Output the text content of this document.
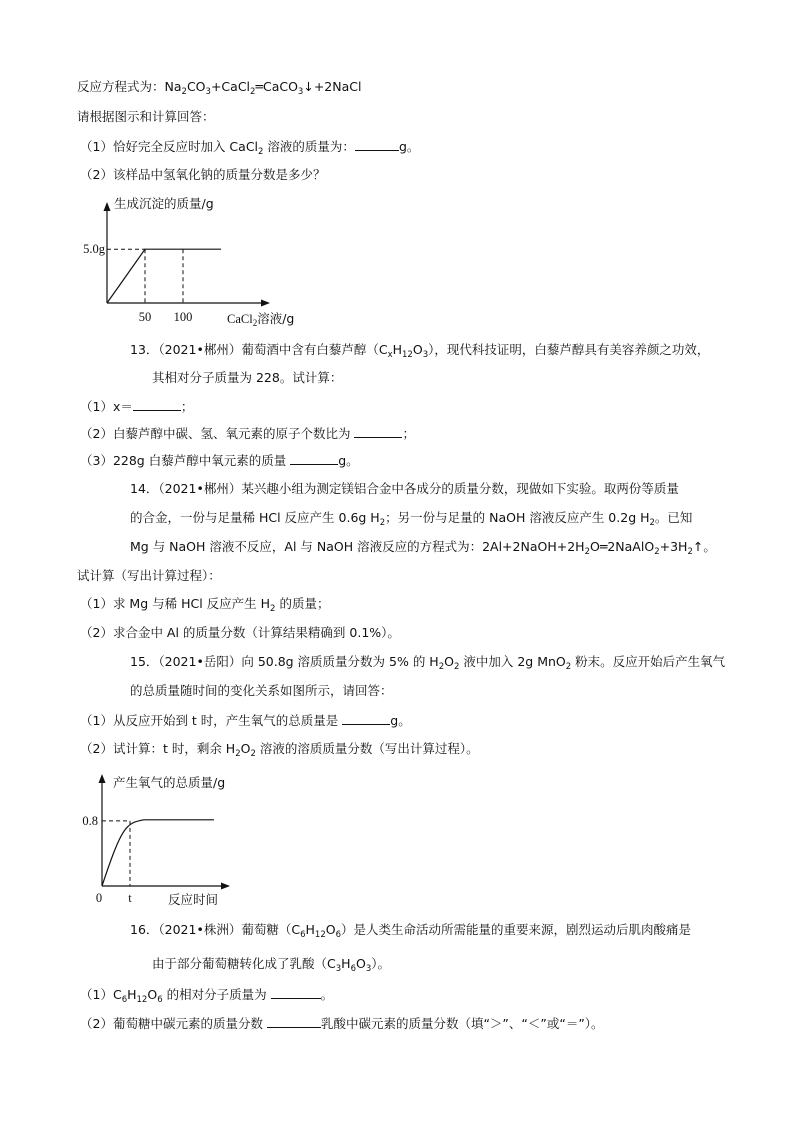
反应方程式为：$Na_2CO_3+CaCl_2═CaCO_3↓+2NaCl$
请根据图示和计算回答：
（1）恰好完全反应时加入 CaCl$_2$ 溶液的质量为：	g。
（2）该样品中氢氧化钠的质量分数是多少？
生成沉淀的质量/g
5.0g
50 100	CaCl$_2$溶液/g
13．（2021•郴州）葡萄酒中含有白藜芦醇$(C_xH_{12}O_3)$，现代科技证明，白藜芦醇具有美容养颜之功效，
其相对分子质量为 228。试计算：
（1）x＝	；
（2）白藜芦醇中碳、氢、氧元素的原子个数比为	；
（3）228g 白藜芦醇中氧元素的质量	g。
14．（2021•郴州）某兴趣小组为测定镁铝合金中各成分的质量分数，现做如下实验。取两份等质量
的合金，一份与足量稀 HCl 反应产生 0.6g $H_2$；另一份与足量的 NaOH 溶液反应产生 0.2g $H_2$。已知
Mg 与 NaOH 溶液不反应，Al 与 NaOH 溶液反应的方程式为：$2Al+2NaOH+2H_2O═2NaAlO_2+3H_2↑$。
试计算（写出计算过程）：
（1）求 Mg 与稀 HCl 反应产生 $H_2$ 的质量；
（2）求合金中 Al 的质量分数（计算结果精确到 0.1%）。
15．（2021•岳阳）向 50.8g 溶质质量分数为 5% 的 $H_2O_2$ 液中加入 2g MnO$_2$ 粉末。反应开始后产生氧气
的总质量随时间的变化关系如图所示，请回答：
（1）从反应开始到 t 时，产生氧气的总质量是	g。
（2）试计算：t 时，剩余 $H_2O_2$ 溶液的溶质质量分数（写出计算过程）。
产生氧气的总质量/g
0.8
0 t	反应时间
16．（2021•株洲）葡萄糖$(C_6H_{12}O_6)$是人类生命活动所需能量的重要来源，剧烈运动后肌肉酸痛是
由于部分葡萄糖转化成了乳酸$(C_3H_6O_3)$。
$(1)C_6H_{12}O_6$ 的相对分子质量为	。
（2）葡萄糖中碳元素的质量分数	乳酸中碳元素的质量分数（填“＞”、“＜”或“＝”）。
